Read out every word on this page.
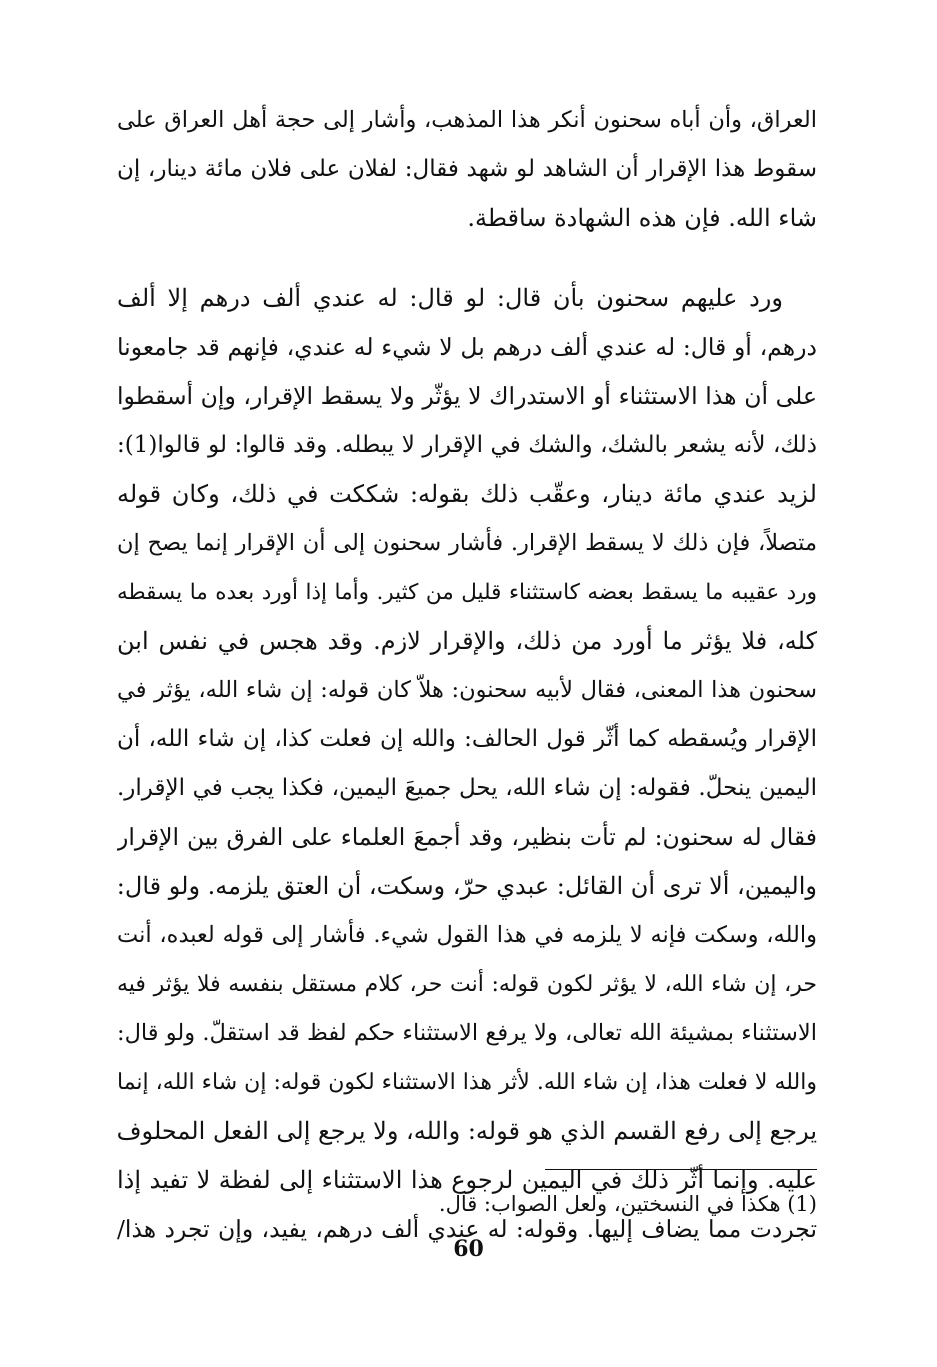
العراق، وأن أباه سحنون أنكر هذا المذهب، وأشار إلى حجة أهل العراق على
سقوط هذا الإقرار أن الشاهد لو شهد فقال: لفلان على فلان مائة دينار، إن
شاء الله. فإن هذه الشهادة ساقطة.
ورد عليهم سحنون بأن قال: لو قال: له عندي ألف درهم إلا ألف
درهم، أو قال: له عندي ألف درهم بل لا شيء له عندي، فإنهم قد جامعونا
على أن هذا الاستثناء أو الاستدراك لا يؤثّر ولا يسقط الإقرار، وإن أسقطوا
ذلك، لأنه يشعر بالشك، والشك في الإقرار لا يبطله. وقد قالوا: لو قالوا(1):
لزيد عندي مائة دينار، وعقّب ذلك بقوله: شككت في ذلك، وكان قوله
متصلاً، فإن ذلك لا يسقط الإقرار. فأشار سحنون إلى أن الإقرار إنما يصح إن
ورد عقيبه ما يسقط بعضه كاستثناء قليل من كثير. وأما إذا أورد بعده ما يسقطه
كله، فلا يؤثر ما أورد من ذلك، والإقرار لازم. وقد هجس في نفس ابن
سحنون هذا المعنى، فقال لأبيه سحنون: هلاّ كان قوله: إن شاء الله، يؤثر في
الإقرار ويُسقطه كما أثّر قول الحالف: والله إن فعلت كذا، إن شاء الله، أن
اليمين ينحلّ. فقوله: إن شاء الله، يحل جميعَ اليمين، فكذا يجب في الإقرار.
فقال له سحنون: لم تأت بنظير، وقد أجمعَ العلماء على الفرق بين الإقرار
واليمين، ألا ترى أن القائل: عبدي حرّ، وسكت، أن العتق يلزمه. ولو قال:
والله، وسكت فإنه لا يلزمه في هذا القول شيء. فأشار إلى قوله لعبده، أنت
حر، إن شاء الله، لا يؤثر لكون قوله: أنت حر، كلام مستقل بنفسه فلا يؤثر فيه
الاستثناء بمشيئة الله تعالى، ولا يرفع الاستثناء حكم لفظ قد استقلّ. ولو قال:
والله لا فعلت هذا، إن شاء الله. لأثر هذا الاستثناء لكون قوله: إن شاء الله، إنما
يرجع إلى رفع القسم الذي هو قوله: والله، ولا يرجع إلى الفعل المحلوف
عليه. وإنما أثّر ذلك في اليمين لرجوع هذا الاستثناء إلى لفظة لا تفيد إذا
تجردت مما يضاف إليها. وقوله: له عندي ألف درهم، يفيد، وإن تجرد هذا/
(1) هكذا في النسختين، ولعل الصواب: قال.
60
